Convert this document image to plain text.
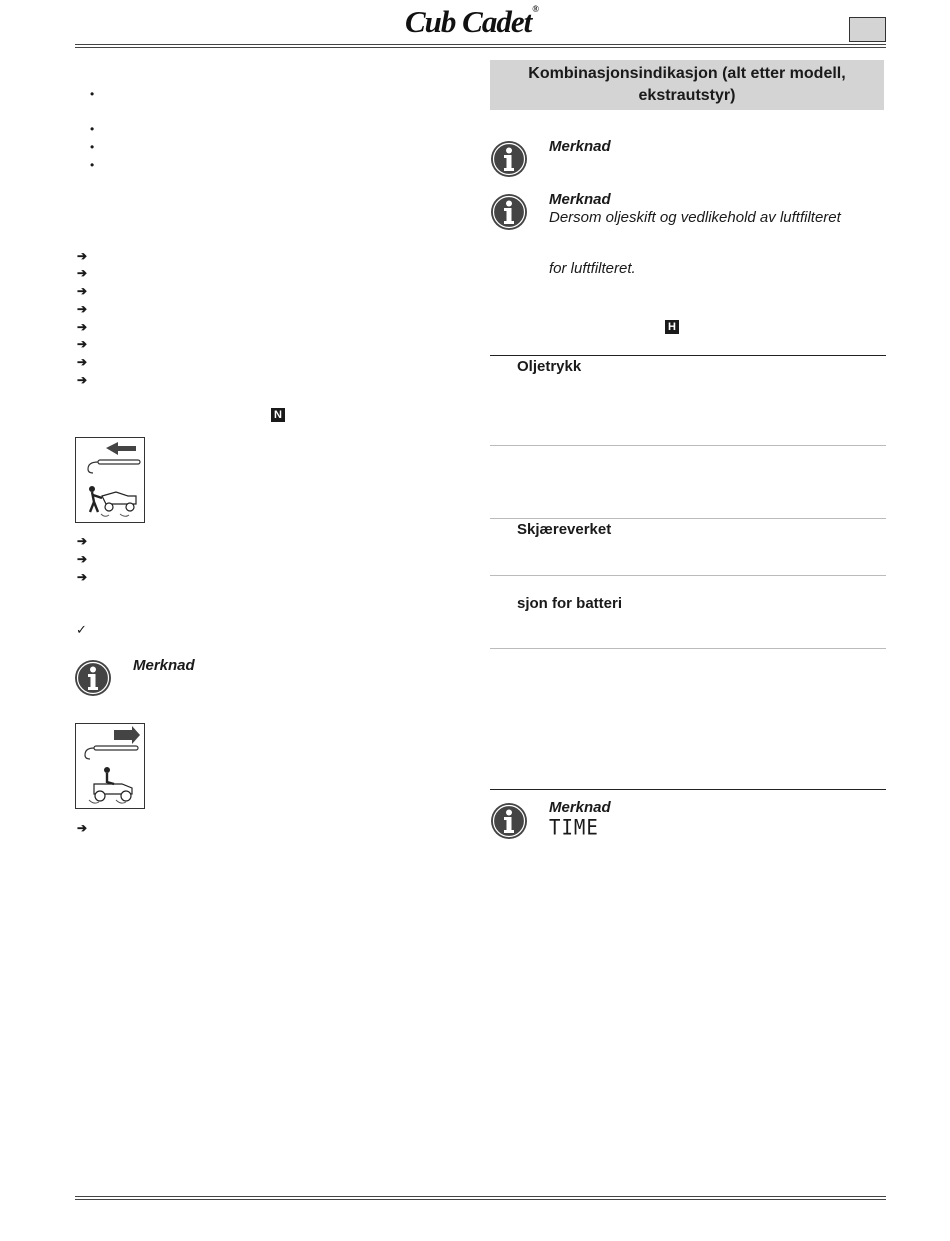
Cub Cadet®
•
•
•
•
➔
➔
➔
➔
➔
➔
➔
➔
N
➔
➔
➔
✓
Merknad
➔
Kombinasjonsindikasjon (alt etter modell, ekstrautstyr)
Merknad
Merknad
Dersom oljeskift og vedlikehold av luftfilteret
for luftfilteret.
H
Oljetrykk
Skjæreverket
sjon for batteri
Merknad
TIME
